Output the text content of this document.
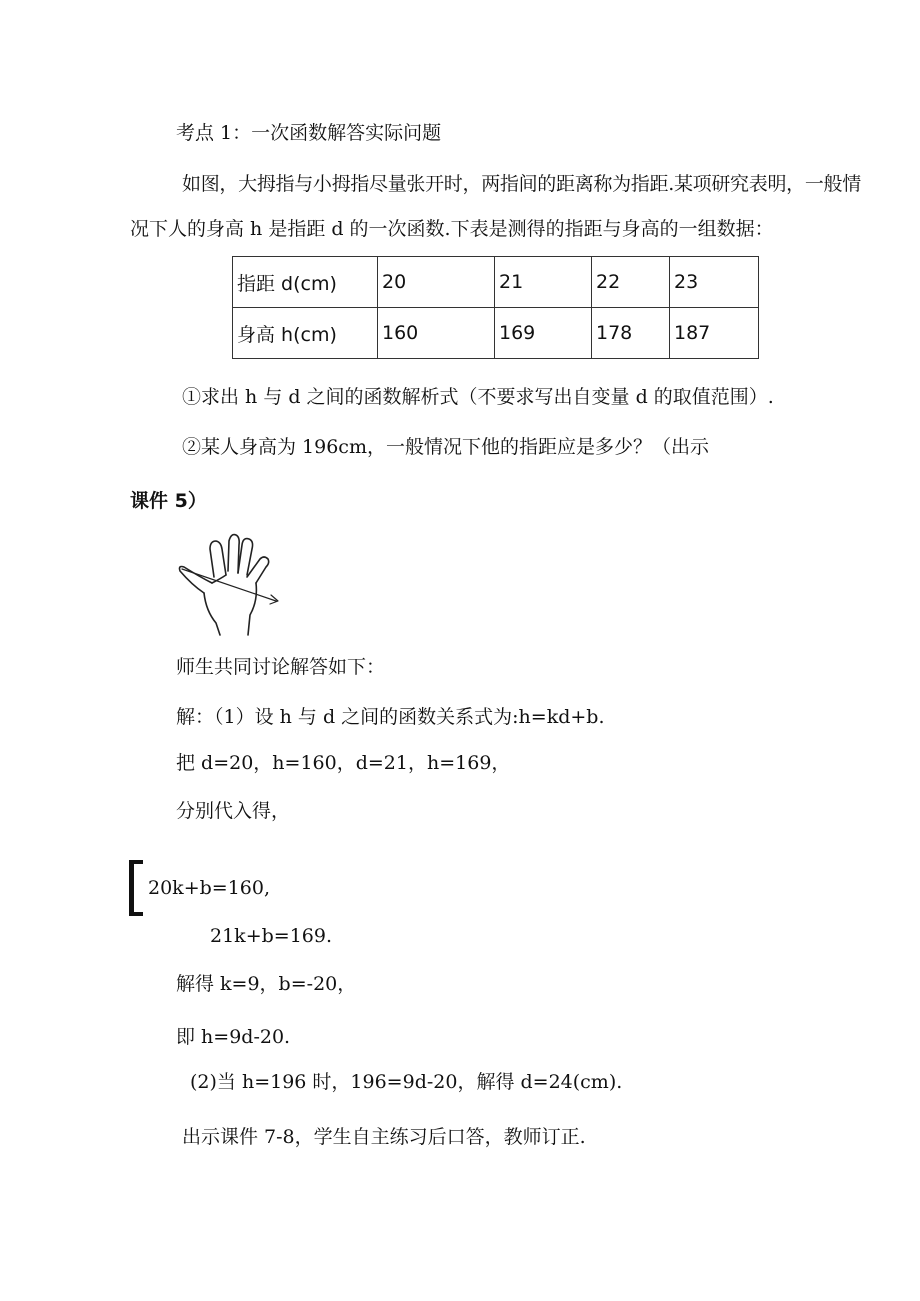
考点 1：一次函数解答实际问题
如图，大拇指与小拇指尽量张开时，两指间的距离称为指距.某项研究表明，一般情
况下人的身高 h 是指距 d 的一次函数.下表是测得的指距与身高的一组数据：
指距 d(cm)	20	21	22	23
身高 h(cm)	160	169	178	187
①求出 h 与 d 之间的函数解析式（不要求写出自变量 d 的取值范围）.
②某人身高为 196cm，一般情况下他的指距应是多少？（出示
课件 5）
师生共同讨论解答如下：
解：（1）设 h 与 d 之间的函数关系式为:h=kd+b.
把 d=20，h=160，d=21，h=169，
分别代入得，
20k+b=160,
21k+b=169.
解得 k=9，b=-20，
即 h=9d-20.
(2)当 h=196 时，196=9d-20，解得 d=24(cm).
出示课件 7-8，学生自主练习后口答，教师订正.
